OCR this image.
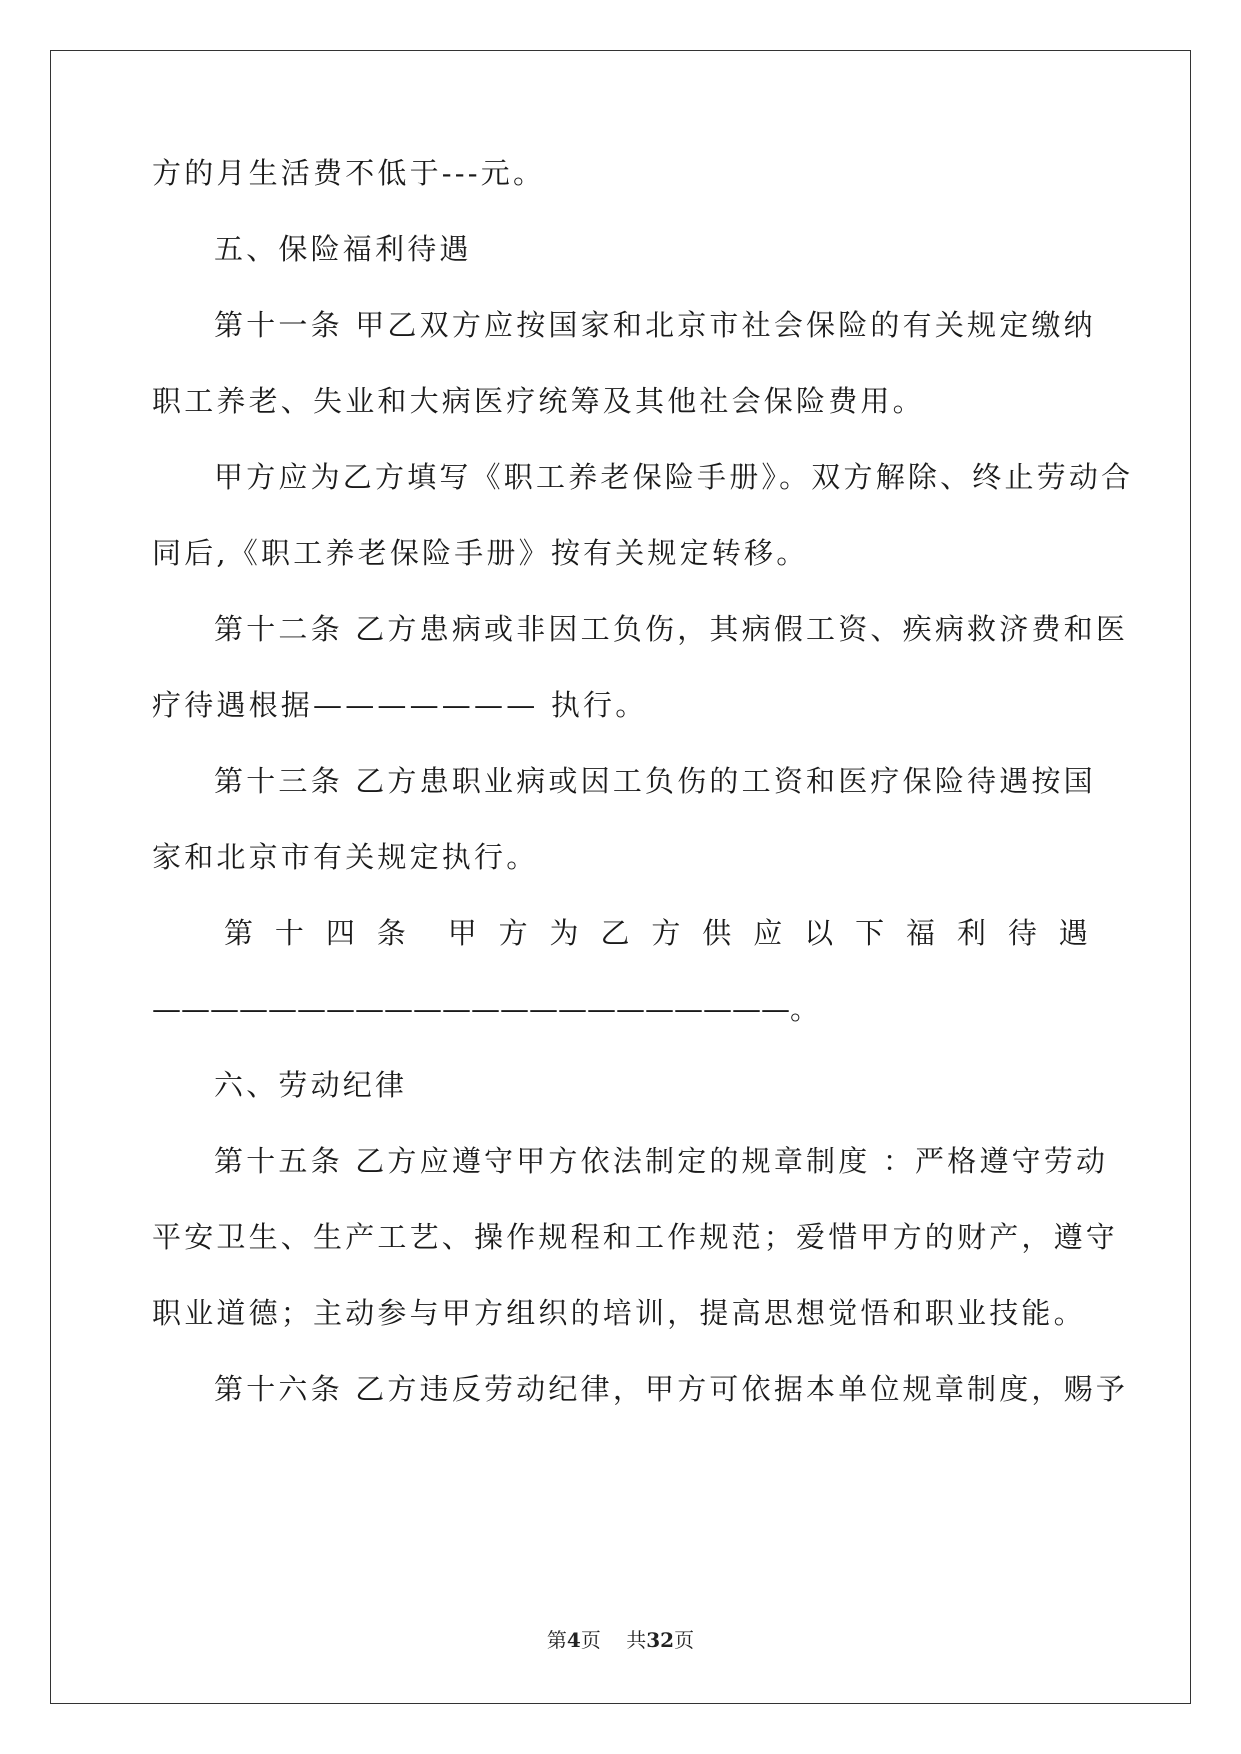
方的月生活费不低于---元。
五、保险福利待遇
第十一条 甲乙双方应按国家和北京市社会保险的有关规定缴纳
职工养老、失业和大病医疗统筹及其他社会保险费用。
甲方应为乙方填写《职工养老保险手册》。双方解除、终止劳动合
同后,《职工养老保险手册》按有关规定转移。
第十二条 乙方患病或非因工负伤，其病假工资、疾病救济费和医
疗待遇根据——————— 执行。
第十三条 乙方患职业病或因工负伤的工资和医疗保险待遇按国
家和北京市有关规定执行。
第 十 四 条 甲 方 为 乙 方 供 应 以 下 福 利 待 遇
——————————————————————。
六、劳动纪律
第十五条 乙方应遵守甲方依法制定的规章制度 ：严格遵守劳动
平安卫生、生产工艺、操作规程和工作规范；爱惜甲方的财产，遵守
职业道德；主动参与甲方组织的培训，提高思想觉悟和职业技能。
第十六条 乙方违反劳动纪律，甲方可依据本单位规章制度，赐予
第4页 共32页
